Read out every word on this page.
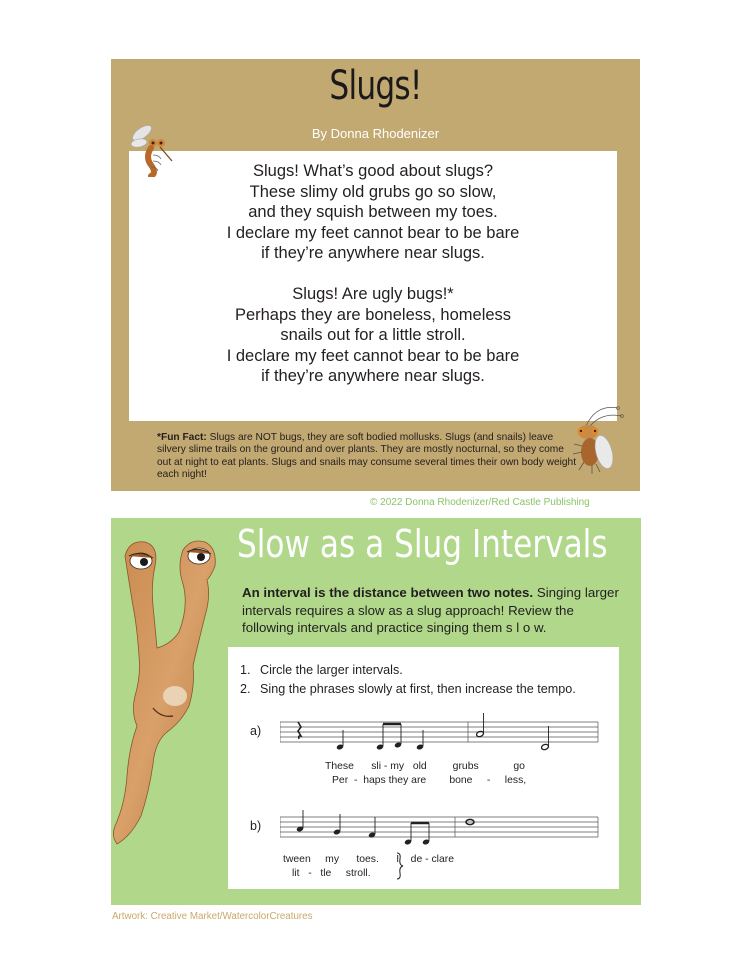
Slugs!
By Donna Rhodenizer
Slugs! What’s good about slugs?
These slimy old grubs go so slow,
and they squish between my toes.
I declare my feet cannot bear to be bare
if they’re anywhere near slugs.
Slugs! Are ugly bugs!*
Perhaps they are boneless, homeless
snails out for a little stroll.
I declare my feet cannot bear to be bare
if they’re anywhere near slugs.
*Fun Fact: Slugs are NOT bugs, they are soft bodied mollusks. Slugs (and snails) leave silvery slime trails on the ground and over plants. They are mostly nocturnal, so they come out at night to eat plants. Slugs and snails may consume several times their own body weight each night!
© 2022 Donna Rhodenizer/Red Castle Publishing
Slow as a Slug Intervals
An interval is the distance between two notes. Singing larger intervals requires a slow as a slug approach! Review the following intervals and practice singing them s l o w.
1. Circle the larger intervals.
2. Sing the phrases slowly at first, then increase the tempo.
a)
These sli - my old grubs	go
Per - haps they are bone - less,
b)
tween my toes. I de - clare
lit - tle stroll.
Artwork: Creative Market/WatercolorCreatures
